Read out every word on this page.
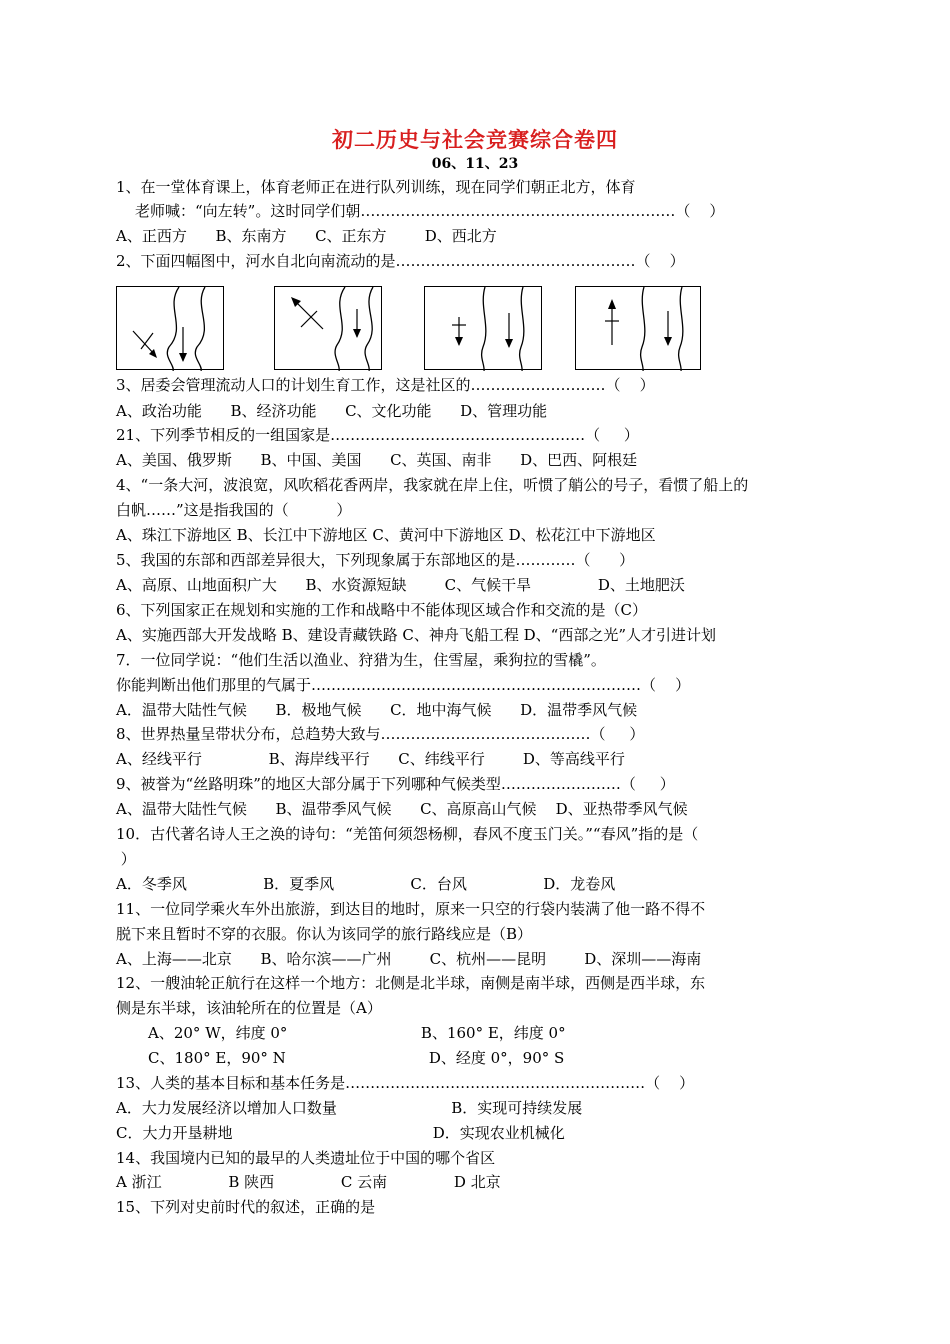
初二历史与社会竞赛综合卷四
06、11、23
1、在一堂体育课上，体育老师正在进行队列训练，现在同学们朝正北方，体育
老师喊：“向左转”。这时同学们朝………………………………………………………（    ）
A、正西方      B、东南方      C、正东方        D、西北方
2、下面四幅图中，河水自北向南流动的是…………………………………………（    ）
3、居委会管理流动人口的计划生育工作，这是社区的………………………（    ）
A、政治功能      B、经济功能      C、文化功能      D、管理功能
21、下列季节相反的一组国家是……………………………………………（     ）
A、美国、俄罗斯      B、中国、美国      C、英国、南非      D、巴西、阿根廷
4、“一条大河，波浪宽，风吹稻花香两岸，我家就在岸上住，听惯了艄公的号子，看惯了船上的
白帆……”这是指我国的（          ）
A、珠江下游地区 B、长江中下游地区 C、黄河中下游地区 D、松花江中下游地区
5、我国的东部和西部差异很大，下列现象属于东部地区的是…………（      ）
A、高原、山地面积广大      B、水资源短缺        C、气候干旱              D、土地肥沃
6、下列国家正在规划和实施的工作和战略中不能体现区域合作和交流的是（C）
A、实施西部大开发战略 B、建设青藏铁路 C、神舟飞船工程 D、“西部之光”人才引进计划
7．一位同学说：“他们生活以渔业、狩猎为生，住雪屋，乘狗拉的雪橇”。
你能判断出他们那里的气属于…………………………………………………………（    ）
A．温带大陆性气候      B．极地气候      C．地中海气候      D．温带季风气候
8、世界热量呈带状分布，总趋势大致与……………………………………（     ）
A、经线平行              B、海岸线平行      C、纬线平行        D、等高线平行
9、被誉为“丝路明珠”的地区大部分属于下列哪种气候类型……………………（     ）
A、温带大陆性气候      B、温带季风气候      C、高原高山气候    D、亚热带季风气候
10．古代著名诗人王之涣的诗句：“羌笛何须怨杨柳，春风不度玉门关。”“春风”指的是（
）
A．冬季风                B．夏季风                C．台风                D．龙卷风
11、一位同学乘火车外出旅游，到达目的地时，原来一只空的行袋内装满了他一路不得不
脱下来且暂时不穿的衣服。你认为该同学的旅行路线应是（B）
A、上海——北京      B、哈尔滨——广州        C、杭州——昆明        D、深圳——海南
12、一艘油轮正航行在这样一个地方：北侧是北半球，南侧是南半球，西侧是西半球，东
侧是东半球，该油轮所在的位置是（A）
A、20° W，纬度 0°                            B、160° E，纬度 0°
C、180° E，90° N                              D、经度 0°，90° S
13、人类的基本目标和基本任务是……………………………………………………（    ）
A．大力发展经济以增加人口数量                        B．实现可持续发展
C．大力开垦耕地                                          D．实现农业机械化
14、我国境内已知的最早的人类遗址位于中国的哪个省区
A 浙江              B 陕西              C 云南              D 北京
15、下列对史前时代的叙述，正确的是
